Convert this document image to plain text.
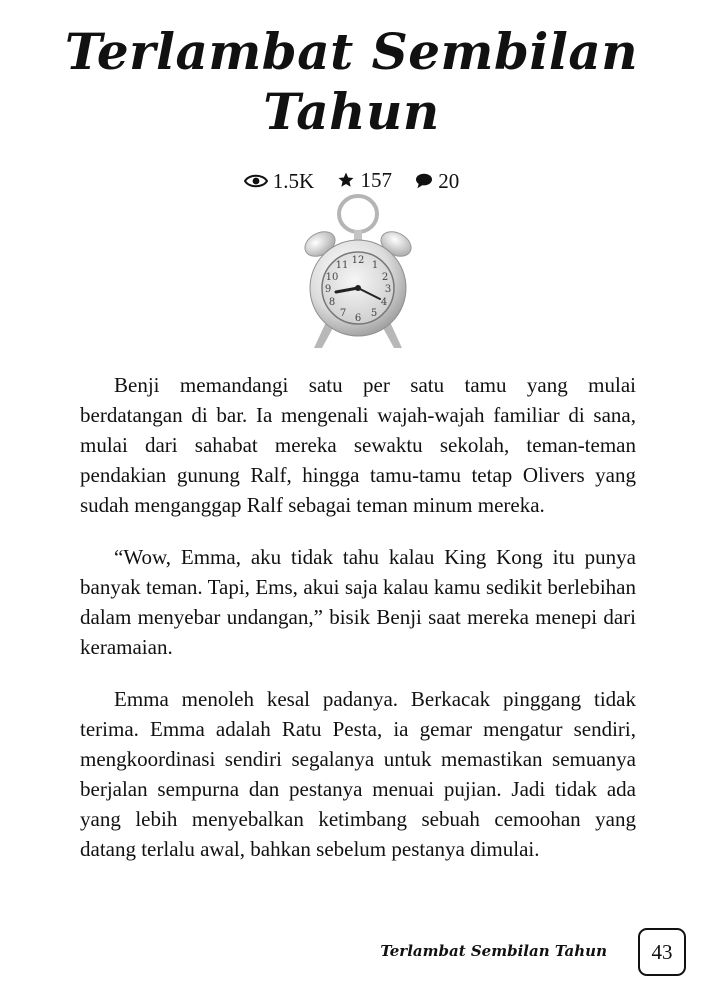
Terlambat Sembilan
Tahun
1.5K
157
20
12 1
2
3
4
5
6
7
8
9
10
11

Benji memandangi satu per satu tamu yang mulai berdatangan di bar. Ia mengenali wajah-wajah familiar di sana, mulai dari sahabat mereka sewaktu sekolah, teman-teman pendakian gunung Ralf, hingga tamu-tamu tetap Olivers yang sudah menganggap Ralf sebagai teman minum mereka.

“Wow, Emma, aku tidak tahu kalau King Kong itu punya banyak teman. Tapi, Ems, akui saja kalau kamu sedikit berlebihan dalam menyebar undangan,” bisik Benji saat mereka menepi dari keramaian.

Emma menoleh kesal padanya. Berkacak pinggang tidak terima. Emma adalah Ratu Pesta, ia gemar mengatur sendiri, mengkoordinasi sendiri segalanya untuk memastikan semuanya berjalan sempurna dan pestanya menuai pujian. Jadi tidak ada yang lebih menyebalkan ketimbang sebuah cemoohan yang datang terlalu awal, bahkan sebelum pestanya dimulai.

Terlambat Sembilan Tahun	43
